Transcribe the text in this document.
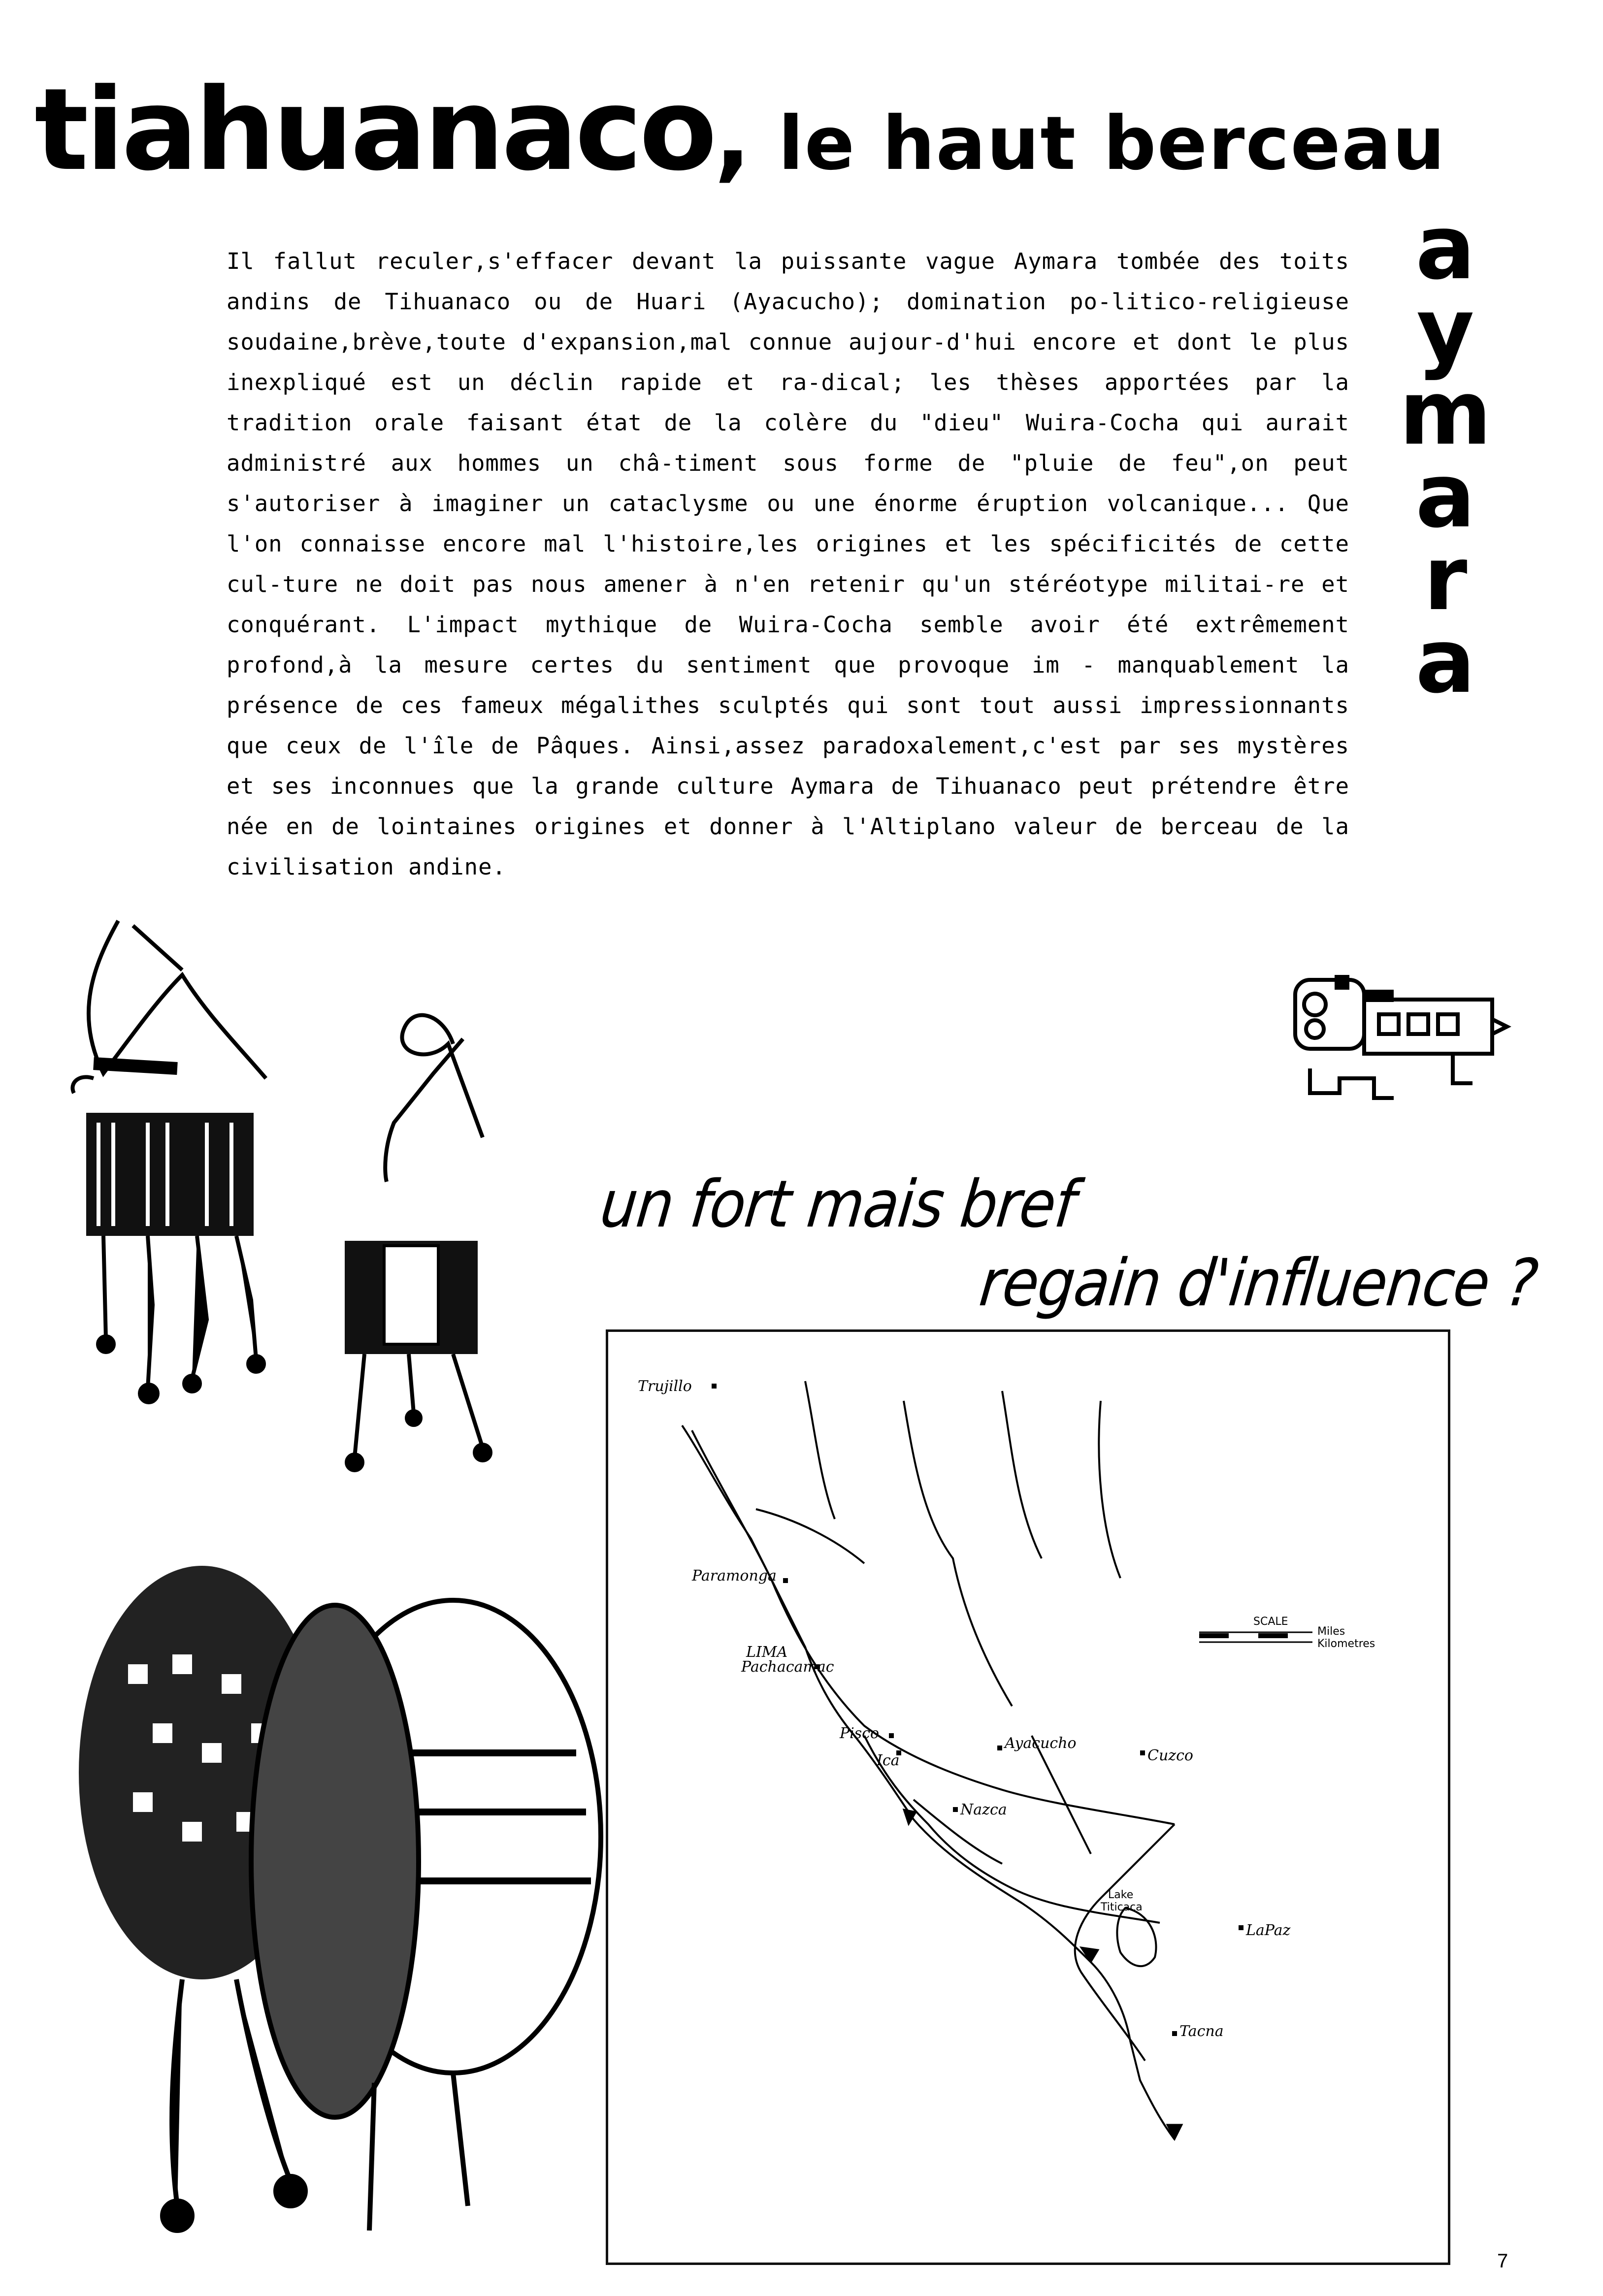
tiahuanaco, le haut berceau
a
y
m
a
r
a
Il fallut reculer,s'effacer devant la puissante vague Aymara tombée des toits andins de Tihuanaco ou de Huari (Ayacucho); domination po-litico-religieuse soudaine,brève,toute d'expansion,mal connue aujour-d'hui encore et dont le plus inexpliqué est un déclin rapide et ra-dical; les thèses apportées par la tradition orale faisant état de la colère du "dieu" Wuira-Cocha qui aurait administré aux hommes un châ-timent sous forme de "pluie de feu",on peut s'autoriser à imaginer un cataclysme ou une énorme éruption volcanique... Que l'on connaisse encore mal l'histoire,les origines et les spécificités de cette cul-ture ne doit pas nous amener à n'en retenir qu'un stéréotype militai-re et conquérant. L'impact mythique de Wuira-Cocha semble avoir été extrêmement profond,à la mesure certes du sentiment que provoque im - manquablement la présence de ces fameux mégalithes sculptés qui sont tout aussi impressionnants que ceux de l'île de Pâques. Ainsi,assez paradoxalement,c'est par ses mystères et ses inconnues que la grande culture Aymara de Tihuanaco peut prétendre être née en de lointaines origines et donner à l'Altiplano valeur de berceau de la civilisation andine.
un fort mais bref
regain d'influence ?
Trujillo
Paramonga
LIMA
Pachacamac
Pisco
Ica
Ayacucho
Cuzco
Nazca
Lake
Titicaca
LaPaz
Tacna
SCALE
Miles
Kilometres
7
